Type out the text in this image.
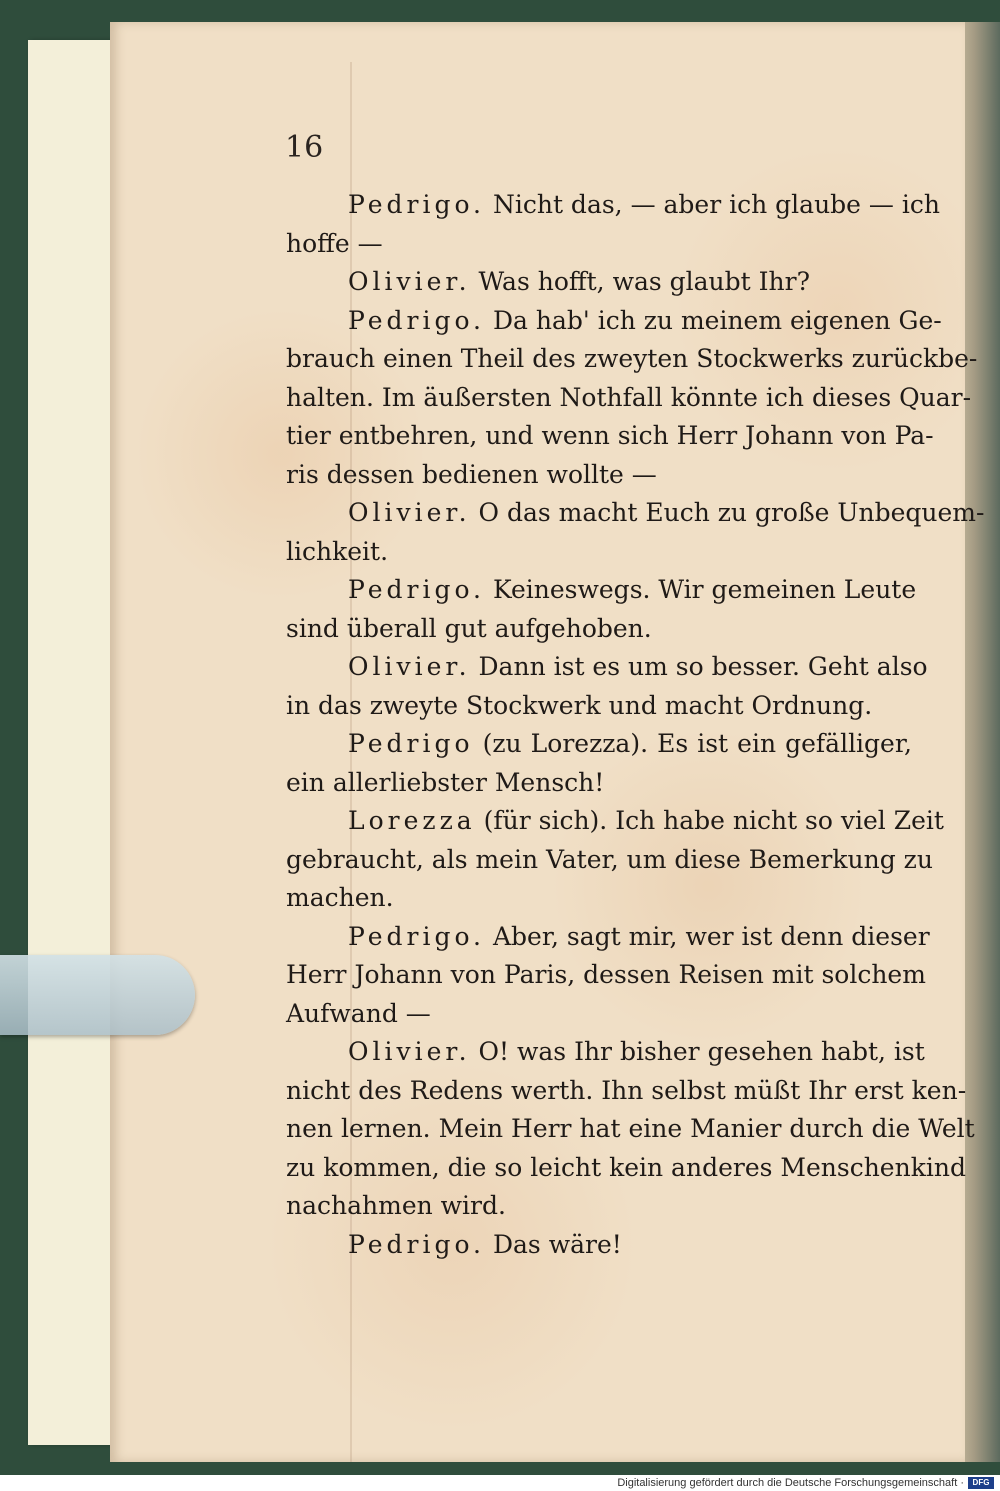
16
Pedrigo. Nicht das, — aber ich glaube — ich
hoffe —
Olivier. Was hofft, was glaubt Ihr?
Pedrigo. Da hab' ich zu meinem eigenen Ge-
brauch einen Theil des zweyten Stockwerks zurückbe-
halten. Im äußersten Nothfall könnte ich dieses Quar-
tier entbehren, und wenn sich Herr Johann von Pa-
ris dessen bedienen wollte —
Olivier. O das macht Euch zu große Unbequem-
lichkeit.
Pedrigo. Keineswegs. Wir gemeinen Leute
sind überall gut aufgehoben.
Olivier. Dann ist es um so besser. Geht also
in das zweyte Stockwerk und macht Ordnung.
Pedrigo (zu Lorezza). Es ist ein gefälliger,
ein allerliebster Mensch!
Lorezza (für sich). Ich habe nicht so viel Zeit
gebraucht, als mein Vater, um diese Bemerkung zu
machen.
Pedrigo. Aber, sagt mir, wer ist denn dieser
Herr Johann von Paris, dessen Reisen mit solchem
Aufwand —
Olivier. O! was Ihr bisher gesehen habt, ist
nicht des Redens werth. Ihn selbst müßt Ihr erst ken-
nen lernen. Mein Herr hat eine Manier durch die Welt
zu kommen, die so leicht kein anderes Menschenkind
nachahmen wird.
Pedrigo. Das wäre!
Digitalisierung gefördert durch die Deutsche Forschungsgemeinschaft ·	DFG
